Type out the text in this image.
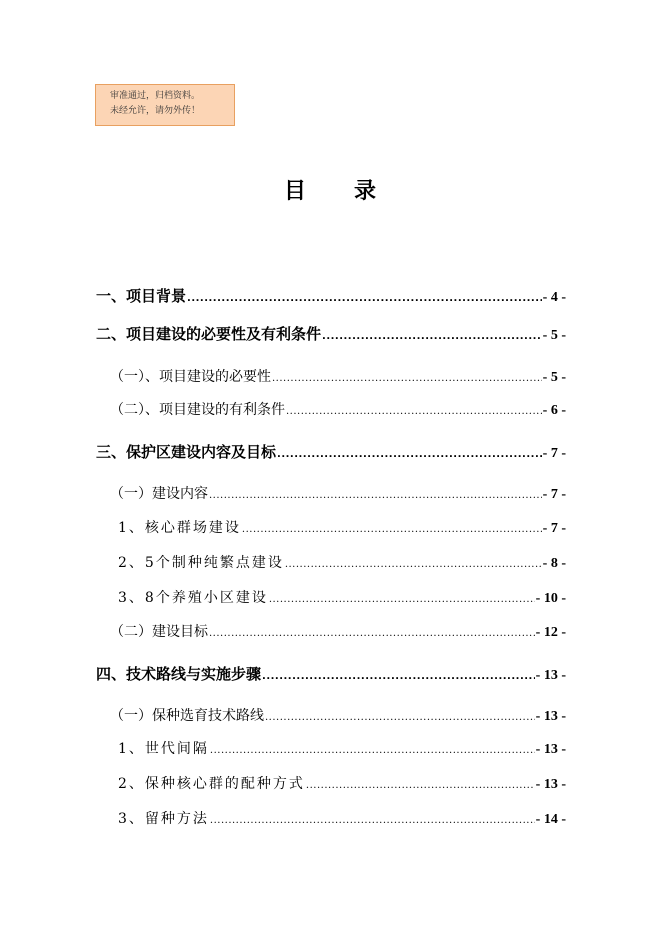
审准通过，归档资料。
未经允许，请勿外传！
目 录
一、项目背景 .....	- 4 -
二、项目建设的必要性及有利条件 .....	- 5 -
（一）、项目建设的必要性 .....	- 5 -
（二）、项目建设的有利条件 .....	- 6 -
三、保护区建设内容及目标 .....	- 7 -
（一）建设内容 .....	- 7 -
1、核心群场建设 .....	- 7 -
2、5个制种纯繁点建设 .....	- 8 -
3、8个养殖小区建设 .....	- 10 -
（二）建设目标 .....	- 12 -
四、技术路线与实施步骤 .....	- 13 -
（一）保种选育技术路线 .....	- 13 -
1、世代间隔 .....	- 13 -
2、保种核心群的配种方式 .....	- 13 -
3、留种方法 .....	- 14 -
